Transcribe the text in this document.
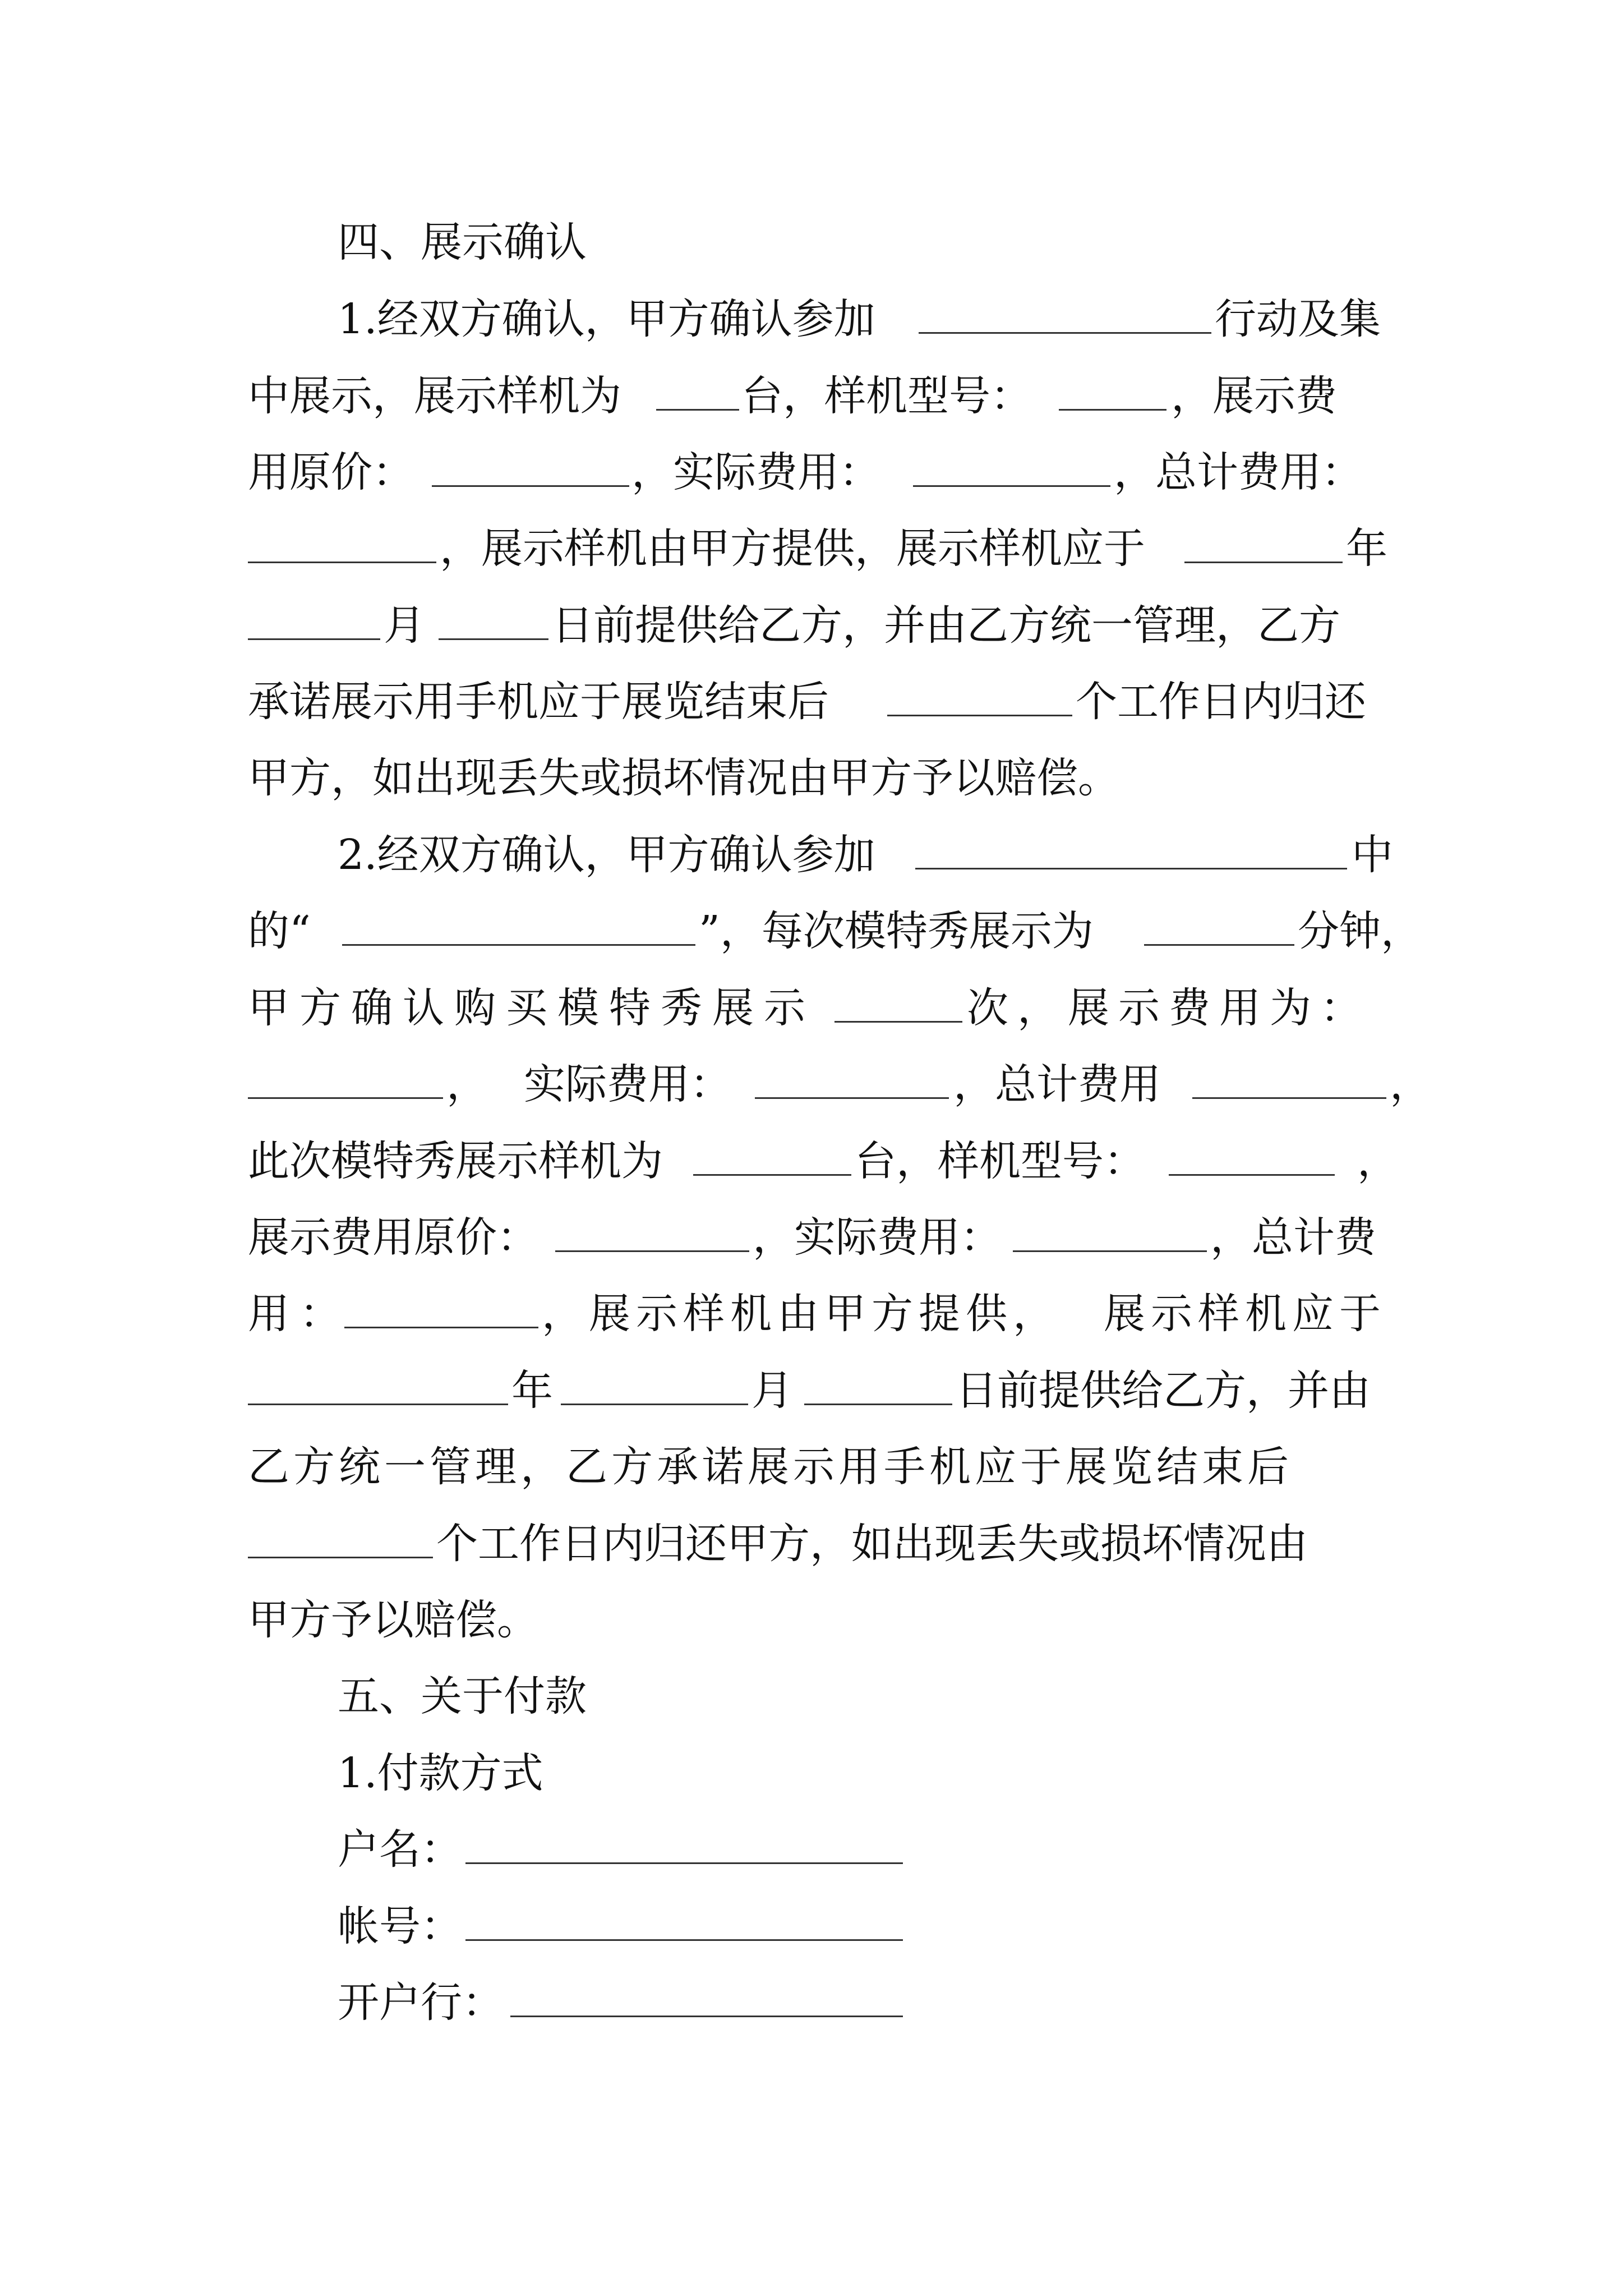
四、展示确认

1.经双方确认，甲方确认参加

	行动及集

中展示，展示样机为

	台，样机型号：

	，展示费

用原价：

	，实际费用：

	，总计费用：

，展示样机由甲方提供，展示样机应于

	年

月

	日前提供给乙方，并由乙方统一管理，乙方

承诺展示用手机应于展览结束后

	个工作日内归还

甲方，如出现丢失或损坏情况由甲方予以赔偿。

2.经双方确认，甲方确认参加

	中

的“

	”，每次模特秀展示为

	分钟，

甲方确认购买模特秀展示

	次，展示费用为：

，

实际费用：

	，总计费用

	，

此次模特秀展示样机为

	台，样机型号：

	，

展示费用原价：

	，实际费用：

	，总计费

用：

	，展示样机由甲方提供，

展示样机应于

年

	月

	日前提供给乙方，并由

乙方统一管理，乙方承诺展示用手机应于展览结束后

个工作日内归还甲方，如出现丢失或损坏情况由

甲方予以赔偿。

五、关于付款

1.付款方式

户名：

帐号：

开户行：
